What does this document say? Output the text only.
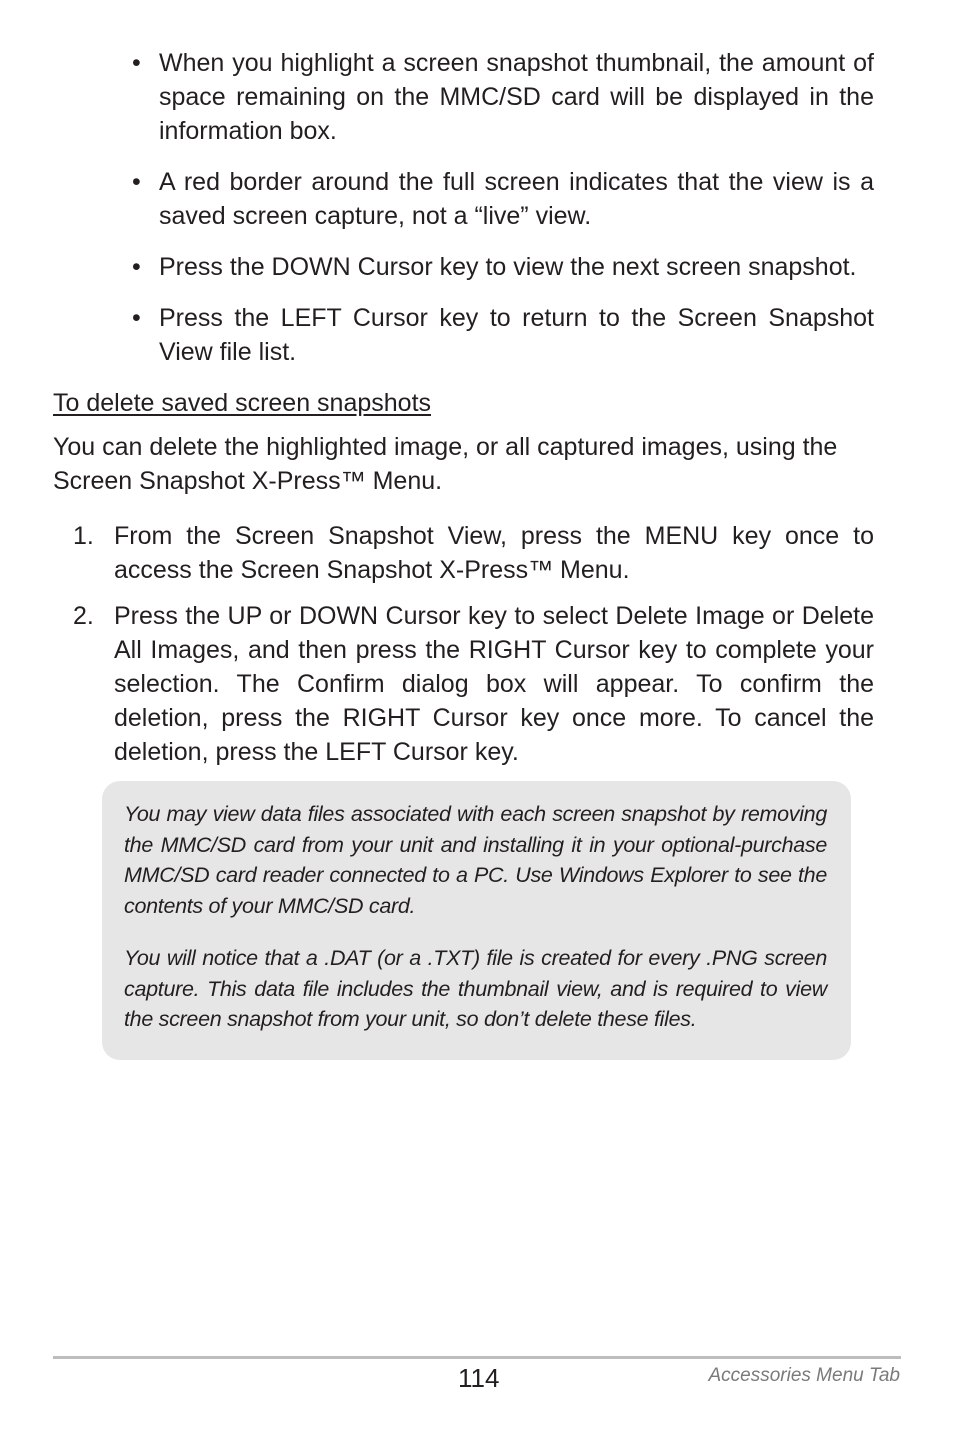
• When you highlight a screen snapshot thumbnail, the amount of space remaining on the MMC/SD card will be displayed in the information box.
• A red border around the full screen indicates that the view is a saved screen capture, not a “live” view.
• Press the DOWN Cursor key to view the next screen snapshot.
• Press the LEFT Cursor key to return to the Screen Snapshot View file list.
To delete saved screen snapshots
You can delete the highlighted image, or all captured images, using the Screen Snapshot X-Press™ Menu.
1. From the Screen Snapshot View, press the MENU key once to access the Screen Snapshot X-Press™ Menu.
2. Press the UP or DOWN Cursor key to select Delete Image or Delete All Images, and then press the RIGHT Cursor key to complete your selection. The Confirm dialog box will appear. To confirm the deletion, press the RIGHT Cursor key once more. To cancel the deletion, press the LEFT Cursor key.

You may view data files associated with each screen snapshot by removing the MMC/SD card from your unit and installing it in your optional-purchase MMC/SD card reader connected to a PC. Use Windows Explorer to see the contents of your MMC/SD card.

You will notice that a .DAT (or a .TXT) file is created for every .PNG screen capture. This data file includes the thumbnail view, and is required to view the screen snapshot from your unit, so don’t delete these files.

114	Accessories Menu Tab
